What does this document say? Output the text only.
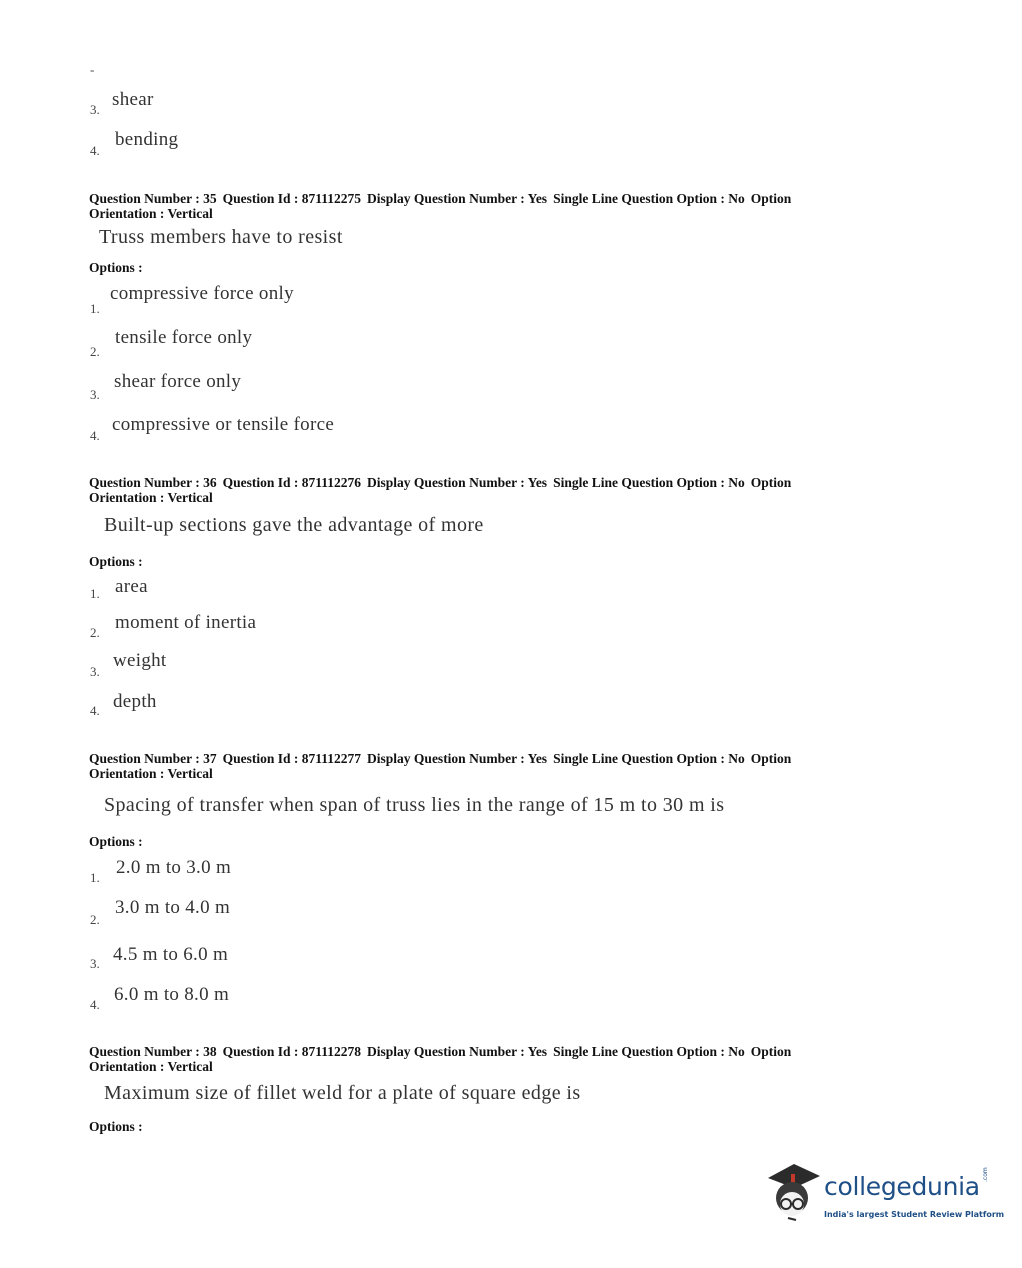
-
3. shear
4.
bending
Question Number : 35 Question Id : 871112275 Display Question Number : Yes Single Line Question Option : No Option
Orientation : Vertical
Truss members have to resist
Options :
1.
compressive force only
2.
tensile force only
3.
shear force only
4.
compressive or tensile force
Question Number : 36 Question Id : 871112276 Display Question Number : Yes Single Line Question Option : No Option
Orientation : Vertical
Built-up sections gave the advantage of more
Options :
1. area
2. moment of inertia
3.
weight
4. depth
Question Number : 37 Question Id : 871112277 Display Question Number : Yes Single Line Question Option : No Option
Orientation : Vertical
Spacing of transfer when span of truss lies in the range of 15 m to 30 m is
Options :
1. 2.0 m to 3.0 m
2.
3.0 m to 4.0 m
3. 4.5 m to 6.0 m
4. 6.0 m to 8.0 m
Question Number : 38 Question Id : 871112278 Display Question Number : Yes Single Line Question Option : No Option
Orientation : Vertical
Maximum size of fillet weld for a plate of square edge is
Options :
collegedunia .com
India's largest Student Review Platform
